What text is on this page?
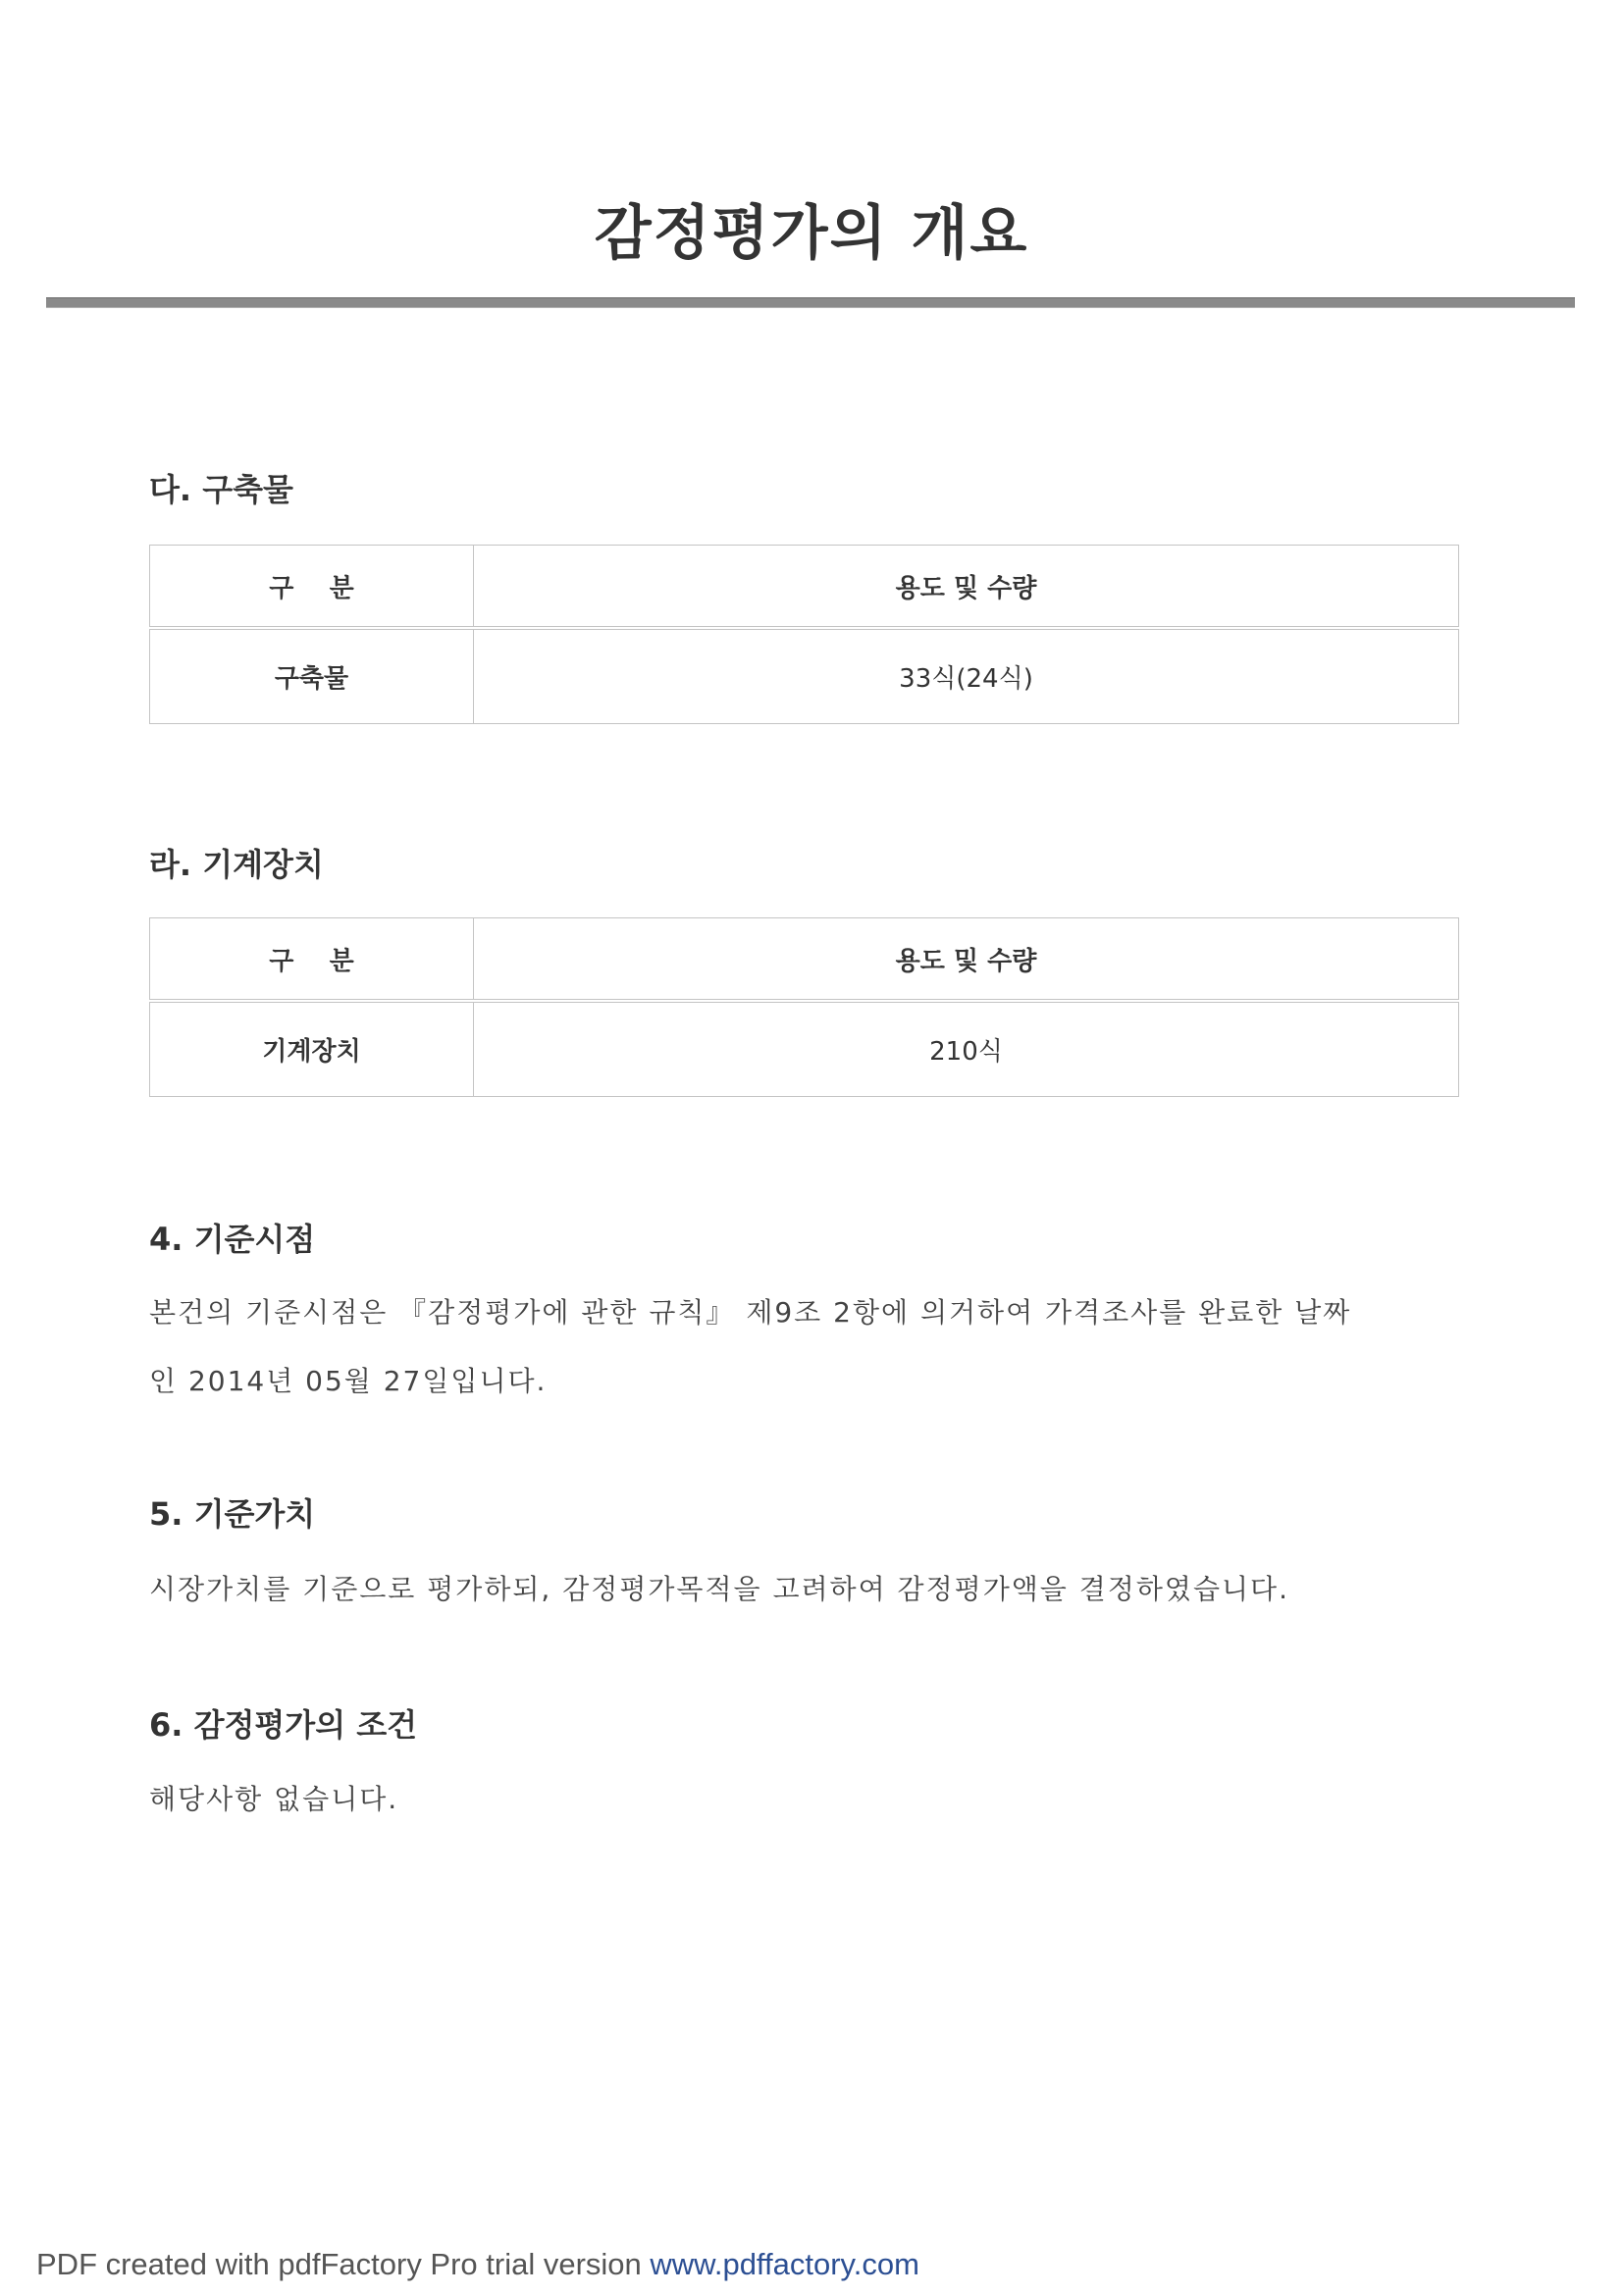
감정평가의 개요
다. 구축물
구    분	용도 및 수량
구축물	33식(24식)
라. 기계장치
구    분	용도 및 수량
기계장치	210식
4. 기준시점
본건의 기준시점은 『감정평가에 관한 규칙』 제9조 2항에 의거하여 가격조사를 완료한 날짜
인 2014년 05월 27일입니다.
5. 기준가치
시장가치를 기준으로 평가하되, 감정평가목적을 고려하여 감정평가액을 결정하였습니다.
6. 감정평가의 조건
해당사항 없습니다.
PDF created with pdfFactory Pro trial version www.pdffactory.com
